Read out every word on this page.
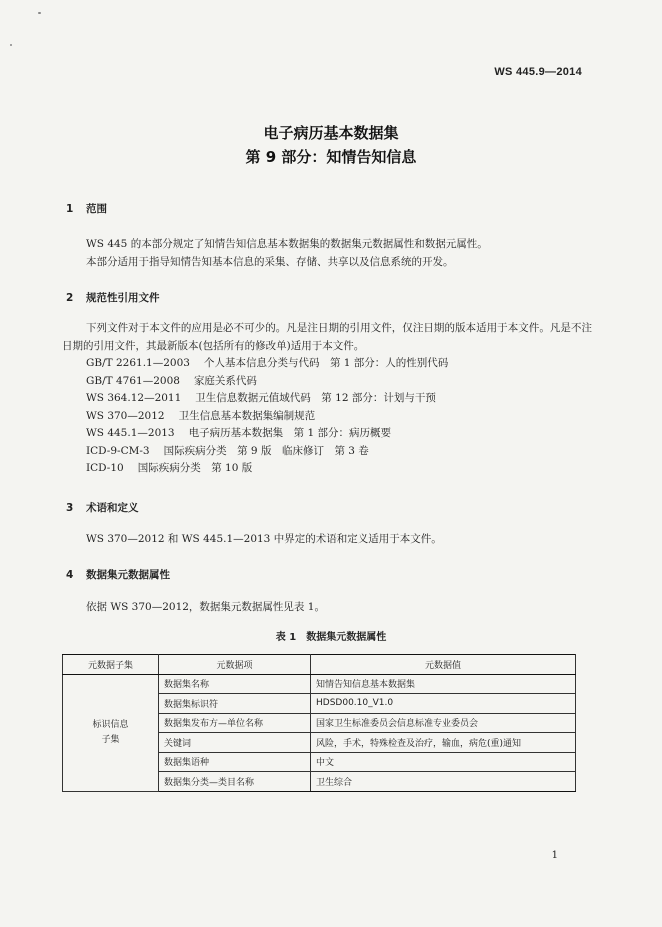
WS 445.9—2014
电子病历基本数据集
第 9 部分：知情告知信息
1 范围
WS 445 的本部分规定了知情告知信息基本数据集的数据集元数据属性和数据元属性。
本部分适用于指导知情告知基本信息的采集、存储、共享以及信息系统的开发。
2 规范性引用文件
下列文件对于本文件的应用是必不可少的。凡是注日期的引用文件，仅注日期的版本适用于本文件。凡是不注日期的引用文件，其最新版本(包括所有的修改单)适用于本文件。
GB/T 2261.1—2003 个人基本信息分类与代码　第 1 部分：人的性别代码
GB/T 4761—2008 家庭关系代码
WS 364.12—2011 卫生信息数据元值域代码　第 12 部分：计划与干预
WS 370—2012 卫生信息基本数据集编制规范
WS 445.1—2013 电子病历基本数据集　第 1 部分：病历概要
ICD-9-CM-3 国际疾病分类　第 9 版　临床修订　第 3 卷
ICD-10 国际疾病分类　第 10 版
3 术语和定义
WS 370—2012 和 WS 445.1—2013 中界定的术语和定义适用于本文件。
4 数据集元数据属性
依据 WS 370—2012，数据集元数据属性见表 1。
表 1 数据集元数据属性
元数据子集	元数据项	元数据值

标识信息
子集	数据集名称	知情告知信息基本数据集
	数据集标识符	HDSD00.10_V1.0
	数据集发布方—单位名称	国家卫生标准委员会信息标准专业委员会
	关键词	风险，手术，特殊检查及治疗，输血，病危(重)通知
	数据集语种	中文
	数据集分类—类目名称	卫生综合
1
